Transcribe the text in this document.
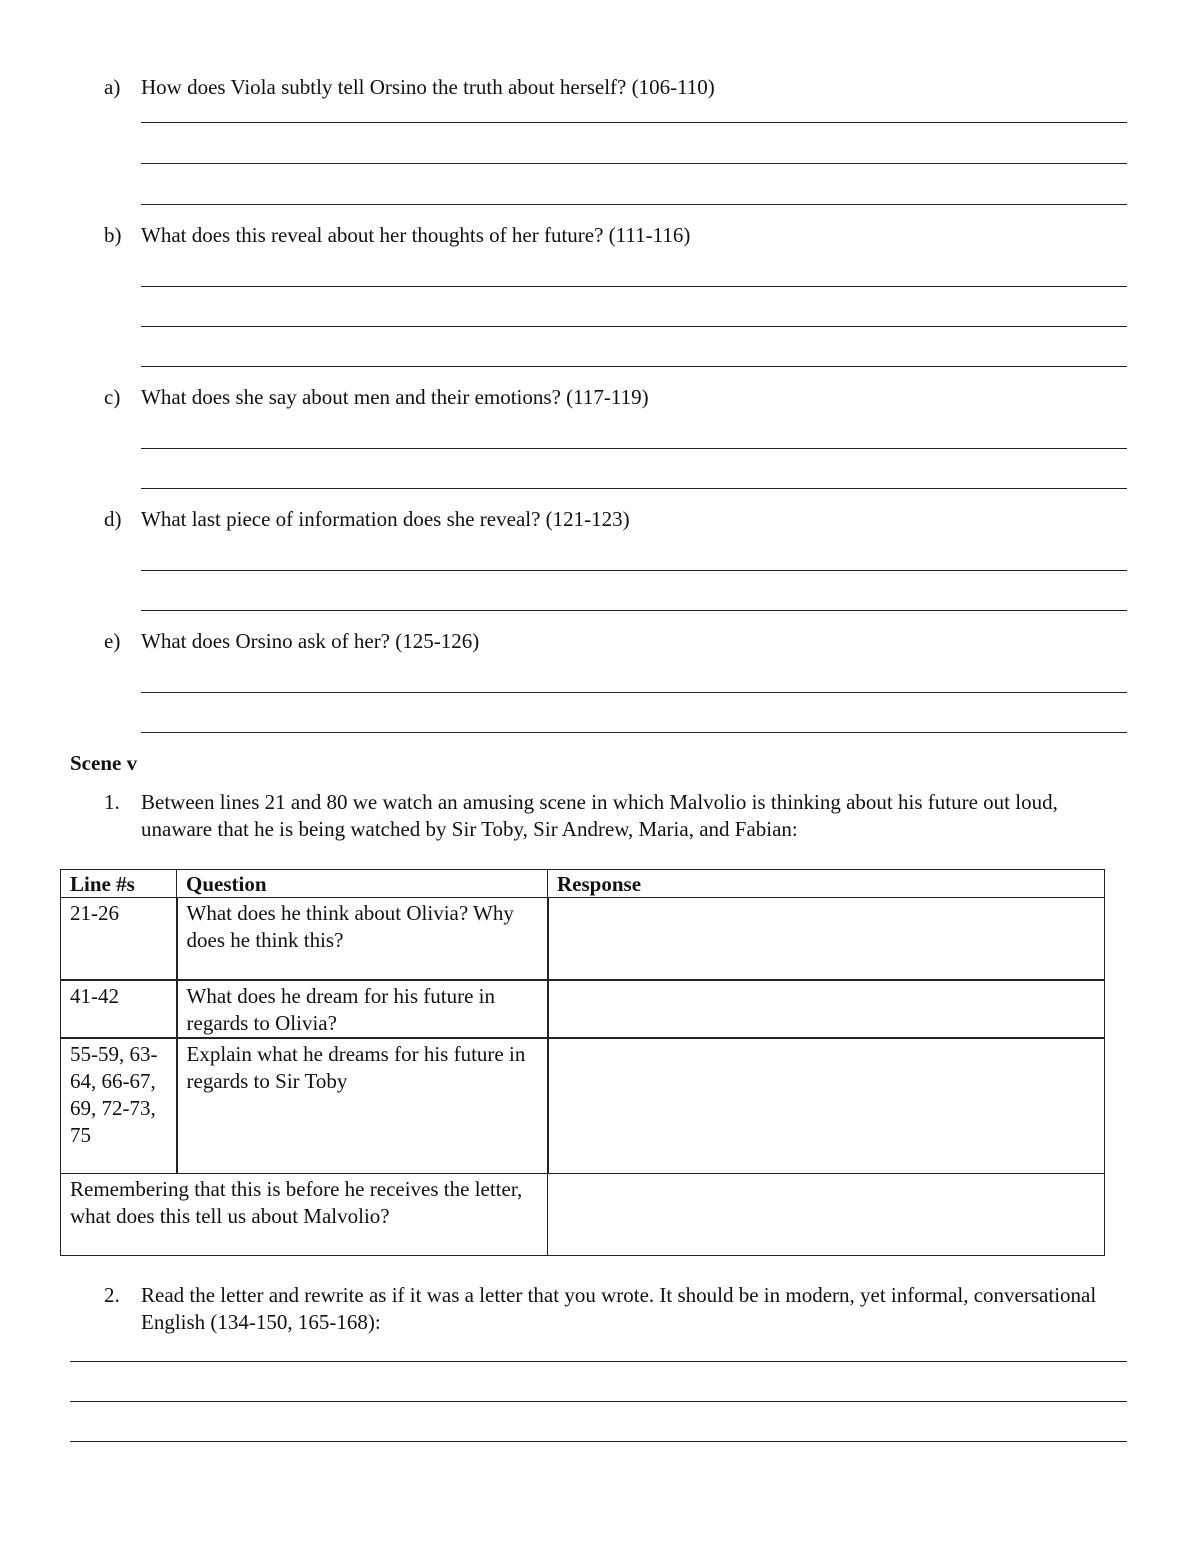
a) How does Viola subtly tell Orsino the truth about herself? (106-110)
b) What does this reveal about her thoughts of her future? (111-116)
c) What does she say about men and their emotions? (117-119)
d) What last piece of information does she reveal? (121-123)
e) What does Orsino ask of her? (125-126)
Scene v
1.	Between lines 21 and 80 we watch an amusing scene in which Malvolio is thinking about his future out loud, unaware that he is being watched by Sir Toby, Sir Andrew, Maria, and Fabian:
Line #s	Question	Response
21-26	What does he think about Olivia? Why does he think this?	
41-42	What does he dream for his future in regards to Olivia?	
55-59, 63-64, 66-67, 69, 72-73, 75	Explain what he dreams for his future in regards to Sir Toby	
Remembering that this is before he receives the letter, what does this tell us about Malvolio?		
2.	Read the letter and rewrite as if it was a letter that you wrote. It should be in modern, yet informal, conversational English (134-150, 165-168):
